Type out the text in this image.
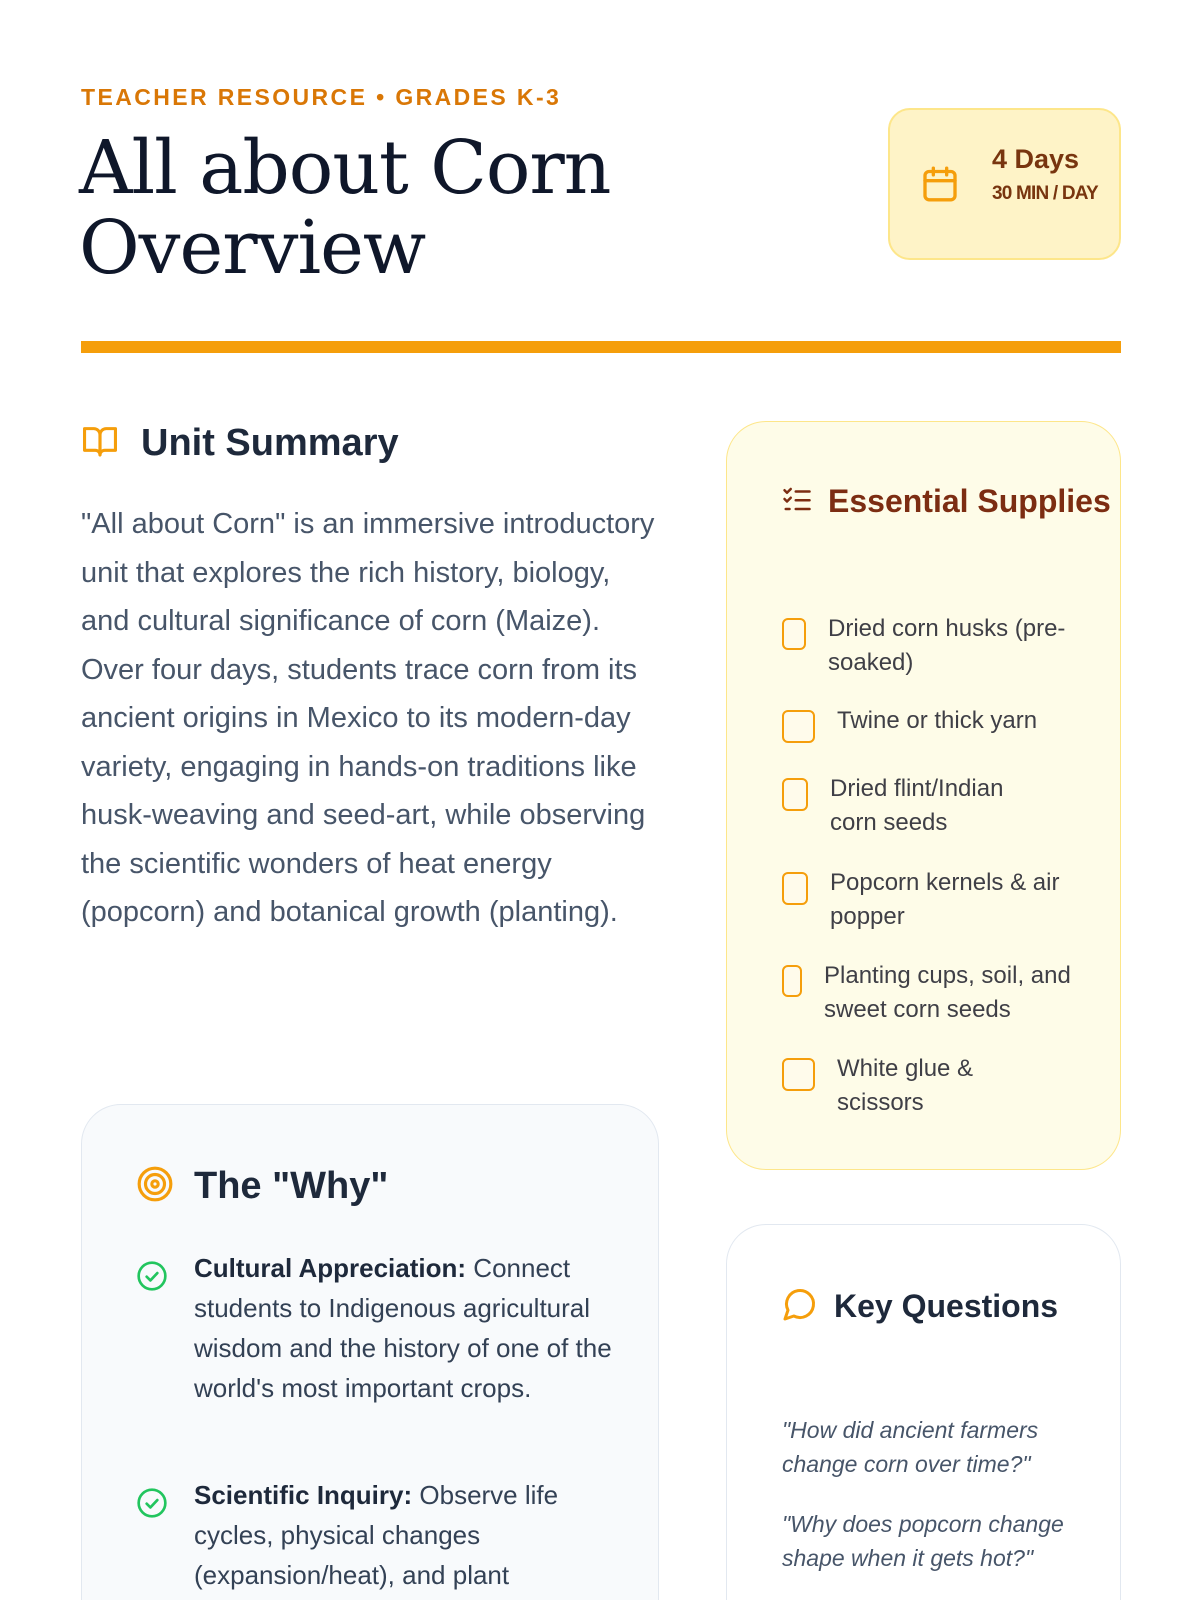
TEACHER RESOURCE • GRADES K-3
All about Corn
Overview
4 Days
30 MIN / DAY
Unit Summary

"All about Corn" is an immersive introductory unit that explores the rich history, biology, and cultural significance of corn (Maize). Over four days, students trace corn from its ancient origins in Mexico to its modern-day variety, engaging in hands-on traditions like husk-weaving and seed-art, while observing the scientific wonders of heat energy (popcorn) and botanical growth (planting).

The "Why"
Cultural Appreciation: Connect students to Indigenous agricultural wisdom and the history of one of the world's most important crops.
Scientific Inquiry: Observe life cycles, physical changes (expansion/heat), and plant
Essential Supplies
Dried corn husks (pre-soaked)
Twine or thick yarn
Dried flint/Indian corn seeds
Popcorn kernels & air popper
Planting cups, soil, and sweet corn seeds
White glue & scissors
Key Questions

"How did ancient farmers change corn over time?"

"Why does popcorn change shape when it gets hot?"
